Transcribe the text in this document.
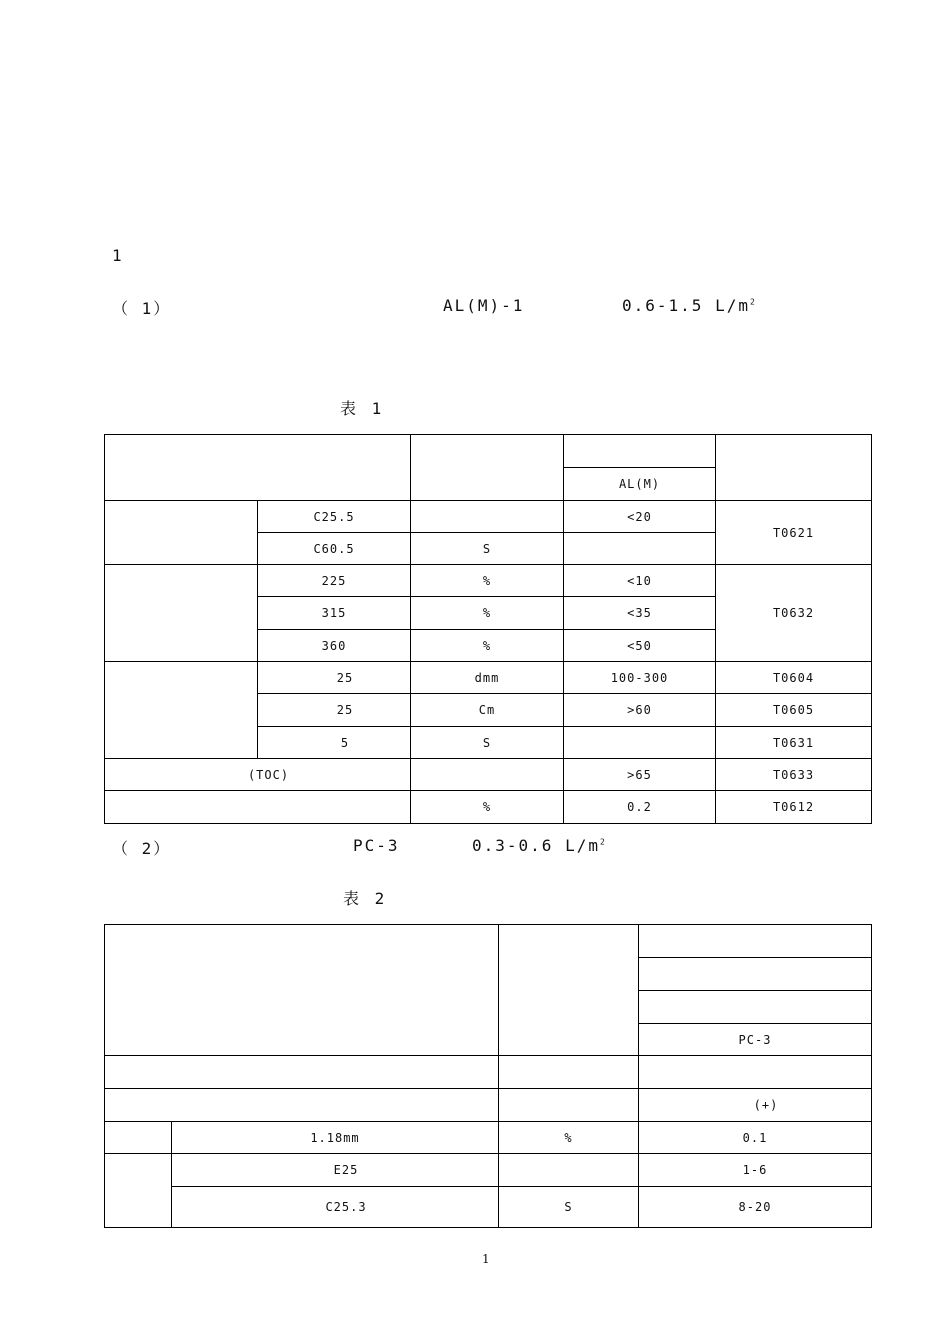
1
（ 1）	AL(M)-1	0.6-1.5 $L/m^2$
表 1

			AL(M)	
	C25.5		<20	T0621
	C60.5	S		
	225	%	<10	T0632
	315	%	<35	
	360	%	<50	
	25	dmm	100-300	T0604
	25	Cm	>60	T0605
	5	S		T0631
(TOC)			>65	T0633
		%	0.2	T0612
（ 2）	PC-3	0.3-0.6 $L/m^2$
表 2

			PC-3

			(+)
	1.18mm	%	0.1
	E25		1-6
	C25.3	S	8-20
1
